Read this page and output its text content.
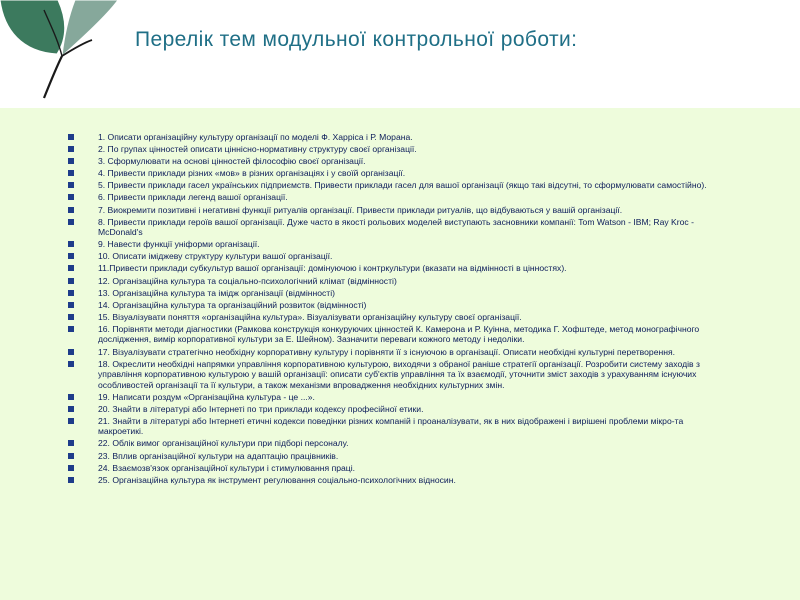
Перелік тем модульної контрольної роботи:
1. Описати організаційну культуру організації по моделі Ф. Харріса і Р. Морана.
2. По групах цінностей описати ціннісно-нормативну структуру своєї організації.
3. Сформулювати на основі цінностей філософію своєї організації.
4. Привести приклади різних «мов» в різних організаціях і у своїй організації.
5. Привести приклади гасел українських підприємств. Привести приклади гасел для вашої організації (якщо такі відсутні, то сформулювати самостійно).
6. Привести приклади легенд вашої організації.
7. Виокремити позитивні і негативні функції ритуалів організації. Привести приклади ритуалів, що відбуваються у вашій організації.
8. Привести приклади героїв вашої організації. Дуже часто в якості рольових моделей виступають засновники компанії: Tom Watson - IBM; Ray Kroc - McDonald's
9. Навести функції уніформи організації.
10. Описати іміджеву структуру культури вашої організації.
11.Привести приклади субкультур вашої організації: домінуючою і контркультури (вказати на відмінності в цінностях).
12. Організаційна культура та соціально-психологічний клімат (відмінності)
13. Організаційна культура та імідж організації (відмінності)
14. Організаційна культура та організаційний розвиток (відмінності)
15. Візуалізувати поняття «організаційна культура». Візуалізувати організаційну культуру своєї організації.
16. Порівняти методи діагностики (Рамкова конструкція конкуруючих цінностей К. Камерона и Р. Куінна, методика Г. Хофштеде, метод монографічного дослідження, вимір корпоративної культури за Е. Шейном). Зазначити переваги кожного методу і недоліки.
17. Візуалізувати стратегічно необхідну корпоративну культуру і порівняти її з існуючою в організації. Описати необхідні культурні перетворення.
18. Окреслити необхідні напрямки управління корпоративною культурою, виходячи з обраної раніше стратегії організації. Розробити систему заходів з управління корпоративною культурою у вашій організації: описати суб'єктів управління та їх взаємодії, уточнити зміст заходів з урахуванням існуючих особливостей організації та її культури, а також механізми впровадження необхідних культурних змін.
19. Написати роздум «Організаційна культура - це ...».
20. Знайти в літературі або Інтернеті по три приклади кодексу професійної етики.
21. Знайти в літературі або Інтернеті етичні кодекси поведінки різних компаній і проаналізувати, як в них відображені і вирішені проблеми мікро-та макроетикі.
22. Облік вимог організаційної культури при підборі персоналу.
23. Вплив організаційної культури на адаптацію працівників.
24. Взаємозв'язок організаційної культури і стимулювання праці.
25. Організаційна культура як інструмент регулювання соціально-психологічних відносин.
